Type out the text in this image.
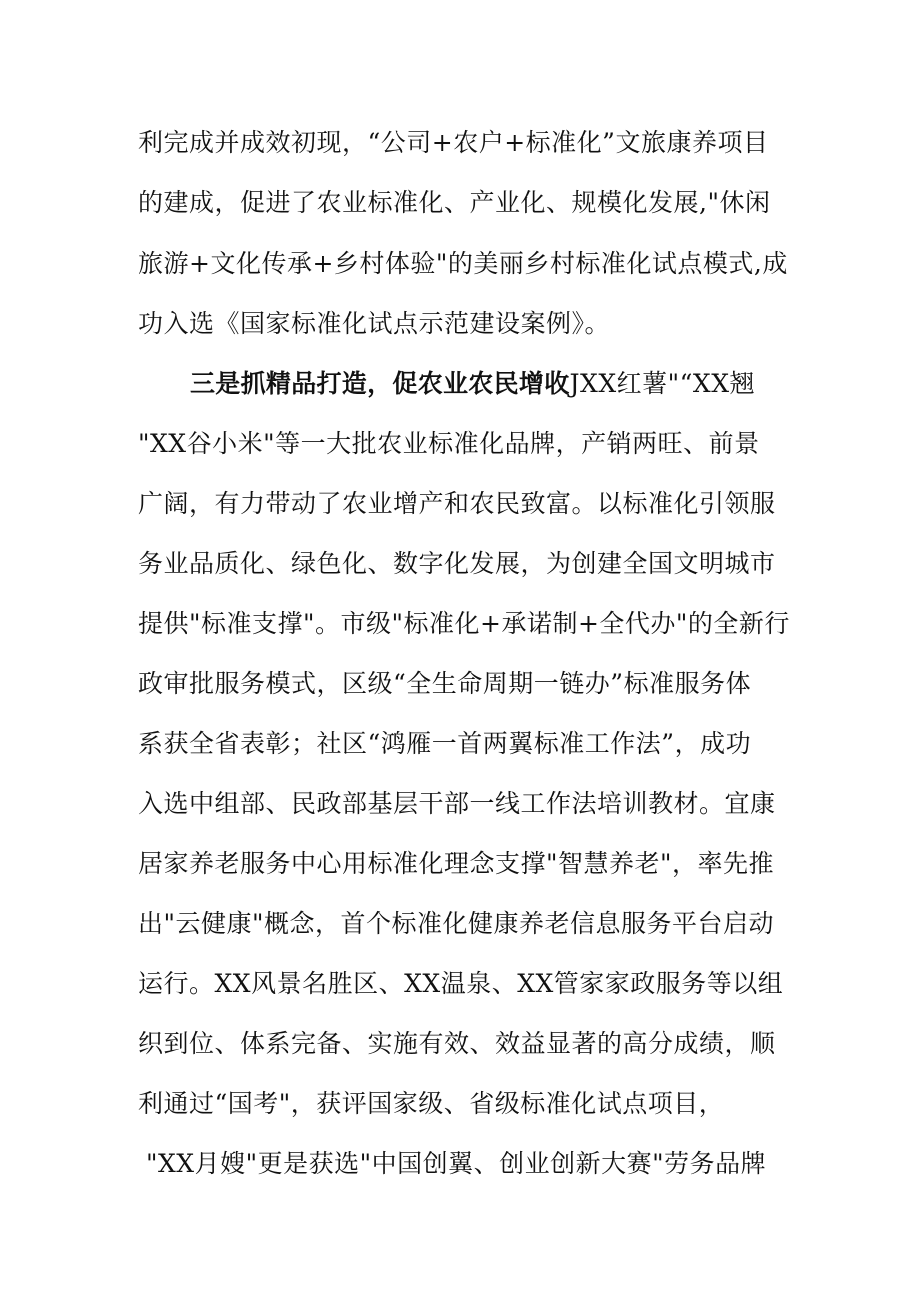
利完成并成效初现，“公司+农户+标准化”文旅康养项目
的建成，促进了农业标准化、产业化、规模化发展,"休闲
旅游+文化传承+乡村体验"的美丽乡村标准化试点模式,成
功入选《国家标准化试点示范建设案例》。
三是抓精品打造，促农业农民增收JXX红薯"“XX翘
"XX谷小米"等一大批农业标准化品牌，产销两旺、前景
广阔，有力带动了农业增产和农民致富。以标准化引领服
务业品质化、绿色化、数字化发展，为创建全国文明城市
提供"标准支撑"。市级"标准化+承诺制+全代办"的全新行
政审批服务模式，区级“全生命周期一链办”标准服务体
系获全省表彰；社区“鸿雁一首两翼标准工作法”，成功
入选中组部、民政部基层干部一线工作法培训教材。宜康
居家养老服务中心用标准化理念支撑"智慧养老"，率先推
出"云健康"概念，首个标准化健康养老信息服务平台启动
运行。XX风景名胜区、XX温泉、XX管家家政服务等以组
织到位、体系完备、实施有效、效益显著的高分成绩，顺
利通过“国考"，获评国家级、省级标准化试点项目，
"XX月嫂"更是获选"中国创翼、创业创新大赛"劳务品牌
